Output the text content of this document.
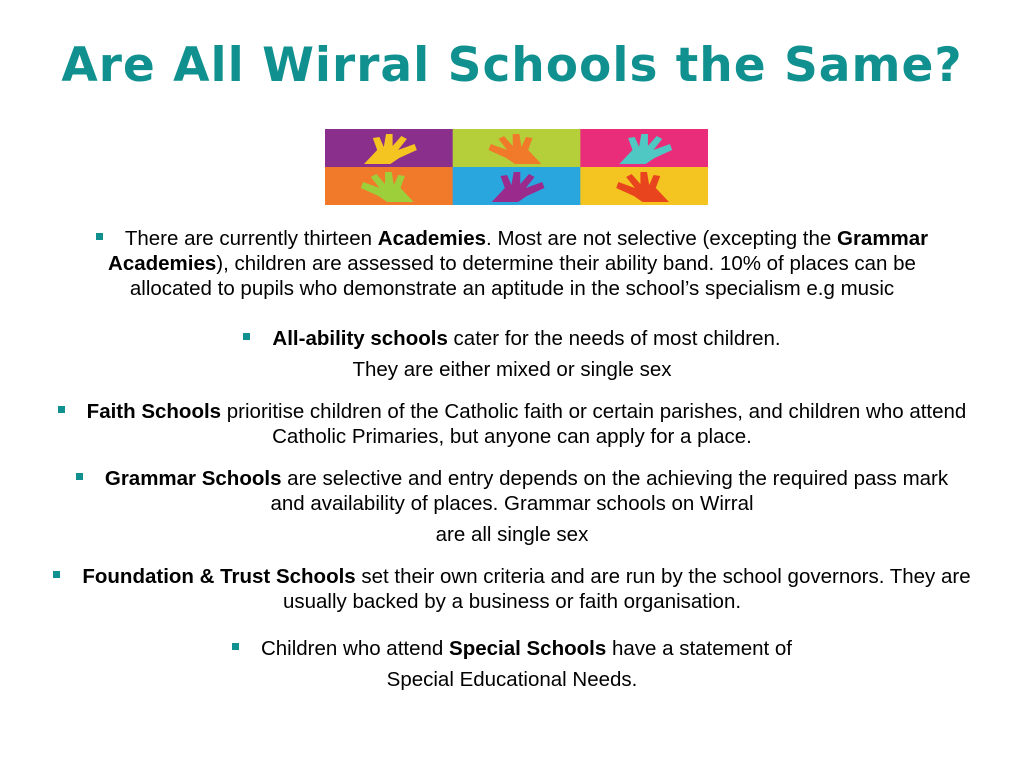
Are All Wirral Schools the Same?

There are currently thirteen Academies. Most are not selective (excepting the Grammar Academies), children are assessed to determine their ability band. 10% of places can be allocated to pupils who demonstrate an aptitude in the school’s specialism e.g music

All-ability schools cater for the needs of most children.
They are either mixed or single sex

Faith Schools prioritise children of the Catholic faith or certain parishes, and children who attend Catholic Primaries, but anyone can apply for a place.

Grammar Schools are selective and entry depends on the achieving the required pass mark and availability of places. Grammar schools on Wirral
are all single sex

Foundation & Trust Schools set their own criteria and are run by the school governors. They are usually backed by a business or faith organisation.

Children who attend Special Schools have a statement of
Special Educational Needs.
